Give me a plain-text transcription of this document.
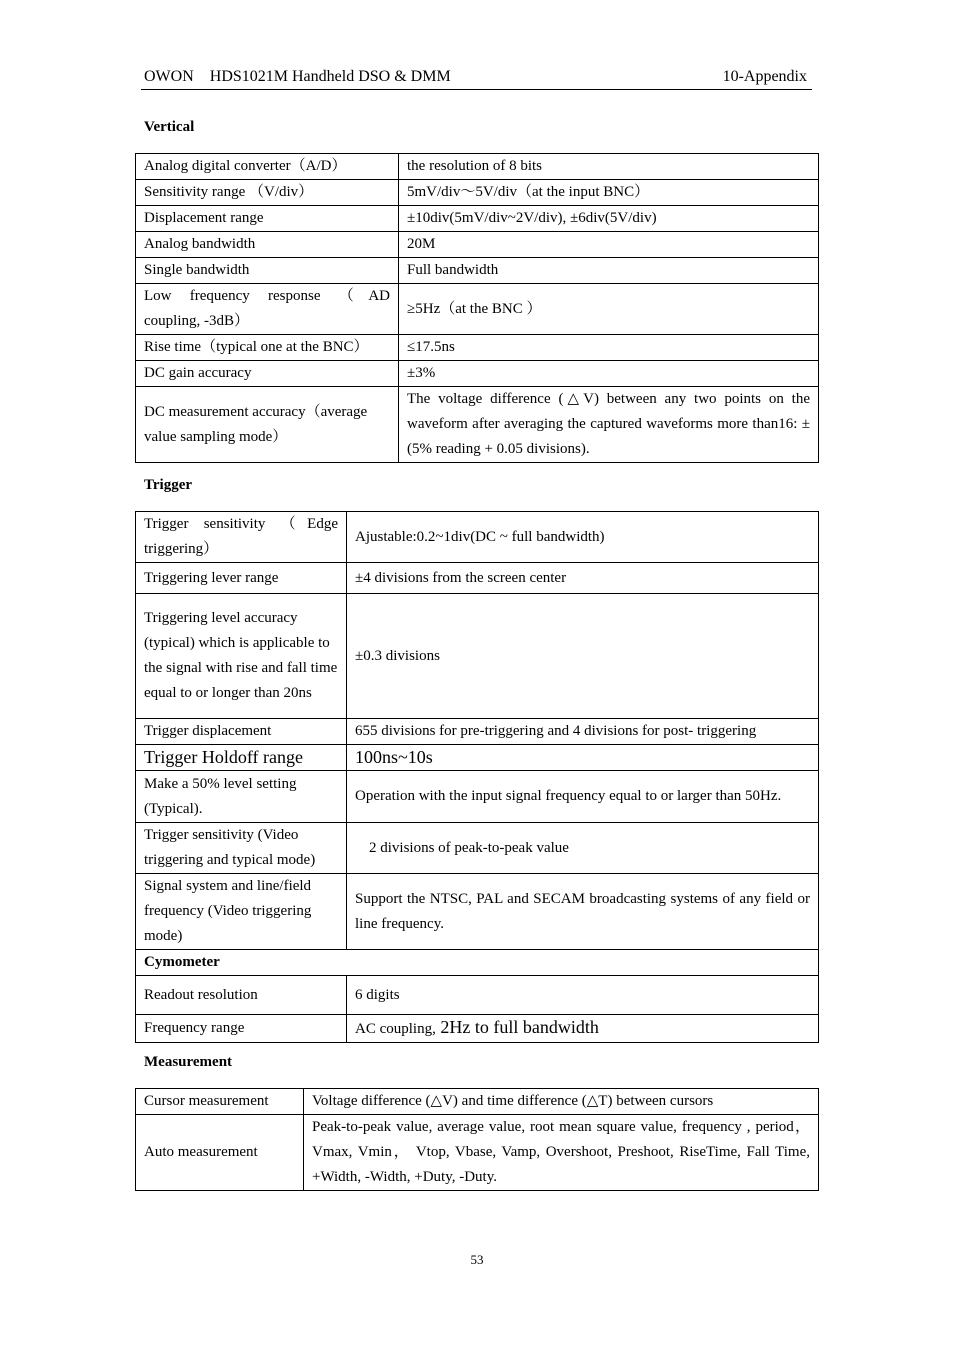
OWON    HDS1021M Handheld DSO & DMM	10-Appendix
Vertical
Analog digital converter（A/D）	the resolution of 8 bits
Sensitivity range （V/div）	5mV/div～5V/div（at the input BNC）
Displacement range	±10div(5mV/div~2V/div), ±6div(5V/div)
Analog bandwidth	20M
Single bandwidth	Full bandwidth
Low frequency response （AD coupling, -3dB）	≥5Hz（at the BNC ）
Rise time（typical one at the BNC）	≤17.5ns
DC gain accuracy	±3%
DC measurement accuracy（average value sampling mode）	The voltage difference (△V) between any two points on the waveform after averaging the captured waveforms more than16: ±(5% reading + 0.05 divisions).
Trigger
Trigger sensitivity （Edge triggering）	Ajustable:0.2~1div(DC ~ full bandwidth)
Triggering lever range	±4 divisions from the screen center
Triggering level accuracy (typical) which is applicable to the signal with rise and fall time equal to or longer than 20ns	±0.3 divisions
Trigger displacement	655 divisions for pre-triggering and 4 divisions for post- triggering
Trigger Holdoff range	100ns~10s
Make a 50% level setting (Typical).	Operation with the input signal frequency equal to or larger than 50Hz.
Trigger sensitivity (Video triggering and typical mode)	2 divisions of peak-to-peak value
Signal system and line/field frequency (Video triggering mode)	Support the NTSC, PAL and SECAM broadcasting systems of any field or line frequency.
Cymometer	
Readout resolution	6 digits
Frequency range	AC coupling, 2Hz to full bandwidth
Measurement
Cursor measurement	Voltage difference (△V) and time difference (△T) between cursors
Auto measurement	Peak-to-peak value, average value, root mean square value, frequency , period， Vmax, Vmin， Vtop, Vbase, Vamp, Overshoot, Preshoot, RiseTime, Fall Time, +Width, -Width, +Duty, -Duty.
53
